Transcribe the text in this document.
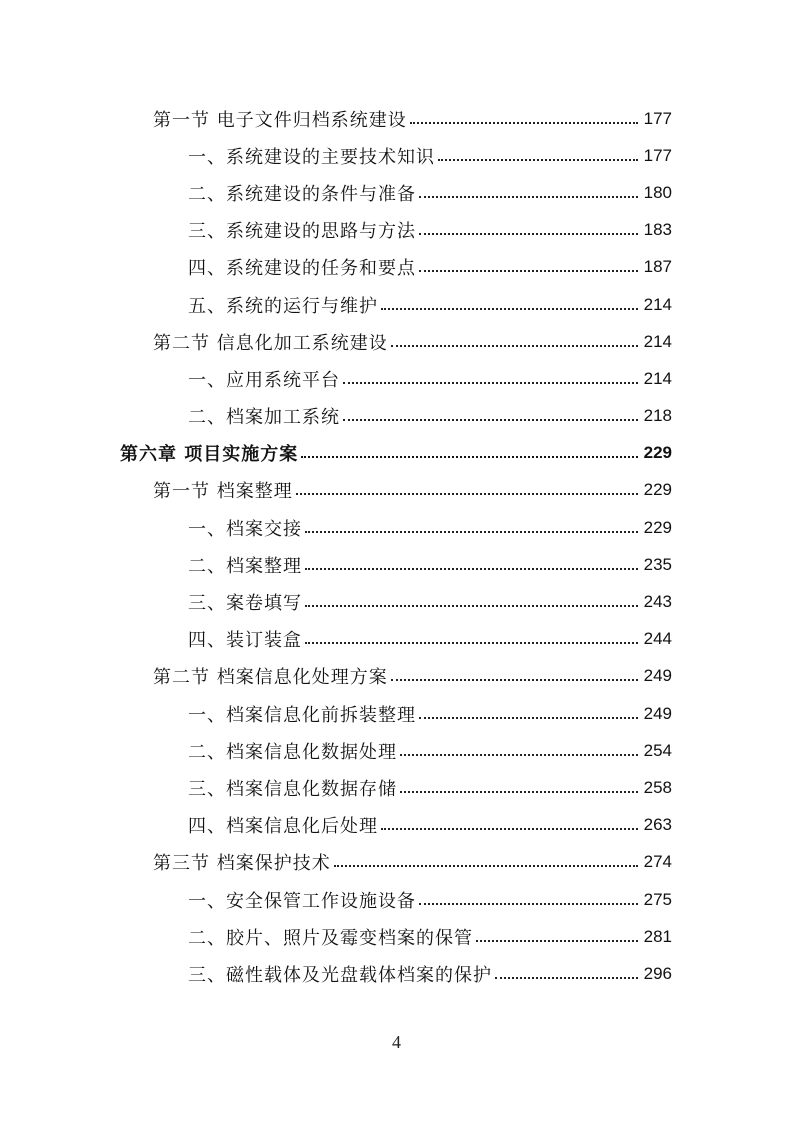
第一节 电子文件归档系统建设	177
一、系统建设的主要技术知识	177
二、系统建设的条件与准备	180
三、系统建设的思路与方法	183
四、系统建设的任务和要点	187
五、系统的运行与维护	214
第二节 信息化加工系统建设	214
一、应用系统平台	214
二、档案加工系统	218
第六章 项目实施方案	229
第一节 档案整理	229
一、档案交接	229
二、档案整理	235
三、案卷填写	243
四、装订装盒	244
第二节 档案信息化处理方案	249
一、档案信息化前拆装整理	249
二、档案信息化数据处理	254
三、档案信息化数据存储	258
四、档案信息化后处理	263
第三节 档案保护技术	274
一、安全保管工作设施设备	275
二、胶片、照片及霉变档案的保管	281
三、磁性载体及光盘载体档案的保护	296
4
